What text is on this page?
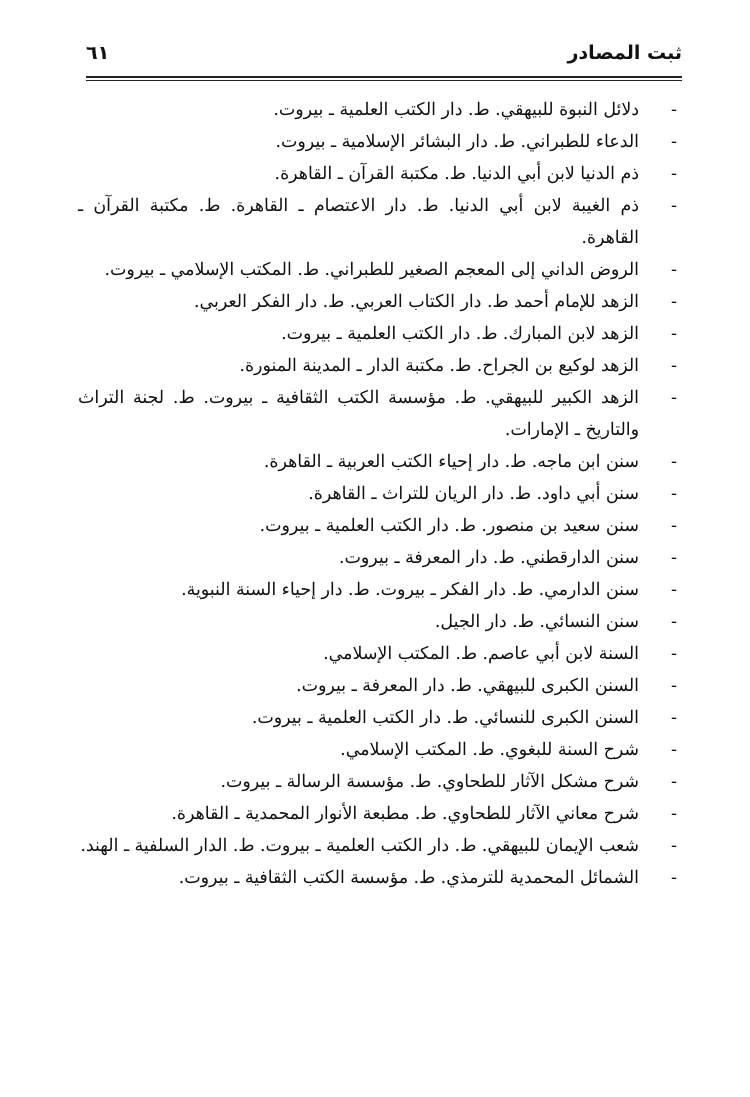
ثبت المصادر
٦١
-
دلائل النبوة للبيهقي. ط. دار الكتب العلمية ـ بيروت.
-
الدعاء للطبراني. ط. دار البشائر الإسلامية ـ بيروت.
-
ذم الدنيا لابن أبي الدنيا. ط. مكتبة القرآن ـ القاهرة.
-
ذم الغيبة لابن أبي الدنيا. ط. دار الاعتصام ـ القاهرة. ط. مكتبة القرآن ـ القاهرة.
-
الروض الداني إلى المعجم الصغير للطبراني. ط. المكتب الإسلامي ـ بيروت.
-
الزهد للإمام أحمد ط. دار الكتاب العربي. ط. دار الفكر العربي.
-
الزهد لابن المبارك. ط. دار الكتب العلمية ـ بيروت.
-
الزهد لوكيع بن الجراح. ط. مكتبة الدار ـ المدينة المنورة.
-
الزهد الكبير للبيهقي. ط. مؤسسة الكتب الثقافية ـ بيروت. ط. لجنة التراث والتاريخ ـ الإمارات.
-
سنن ابن ماجه. ط. دار إحياء الكتب العربية ـ القاهرة.
-
سنن أبي داود. ط. دار الريان للتراث ـ القاهرة.
-
سنن سعيد بن منصور. ط. دار الكتب العلمية ـ بيروت.
-
سنن الدارقطني. ط. دار المعرفة ـ بيروت.
-
سنن الدارمي. ط. دار الفكر ـ بيروت. ط. دار إحياء السنة النبوية.
-
سنن النسائي. ط. دار الجيل.
-
السنة لابن أبي عاصم. ط. المكتب الإسلامي.
-
السنن الكبرى للبيهقي. ط. دار المعرفة ـ بيروت.
-
السنن الكبرى للنسائي. ط. دار الكتب العلمية ـ بيروت.
-
شرح السنة للبغوي. ط. المكتب الإسلامي.
-
شرح مشكل الآثار للطحاوي. ط. مؤسسة الرسالة ـ بيروت.
-
شرح معاني الآثار للطحاوي. ط. مطبعة الأنوار المحمدية ـ القاهرة.
-
شعب الإيمان للبيهقي. ط. دار الكتب العلمية ـ بيروت. ط. الدار السلفية ـ الهند.
-
الشمائل المحمدية للترمذي. ط. مؤسسة الكتب الثقافية ـ بيروت.
